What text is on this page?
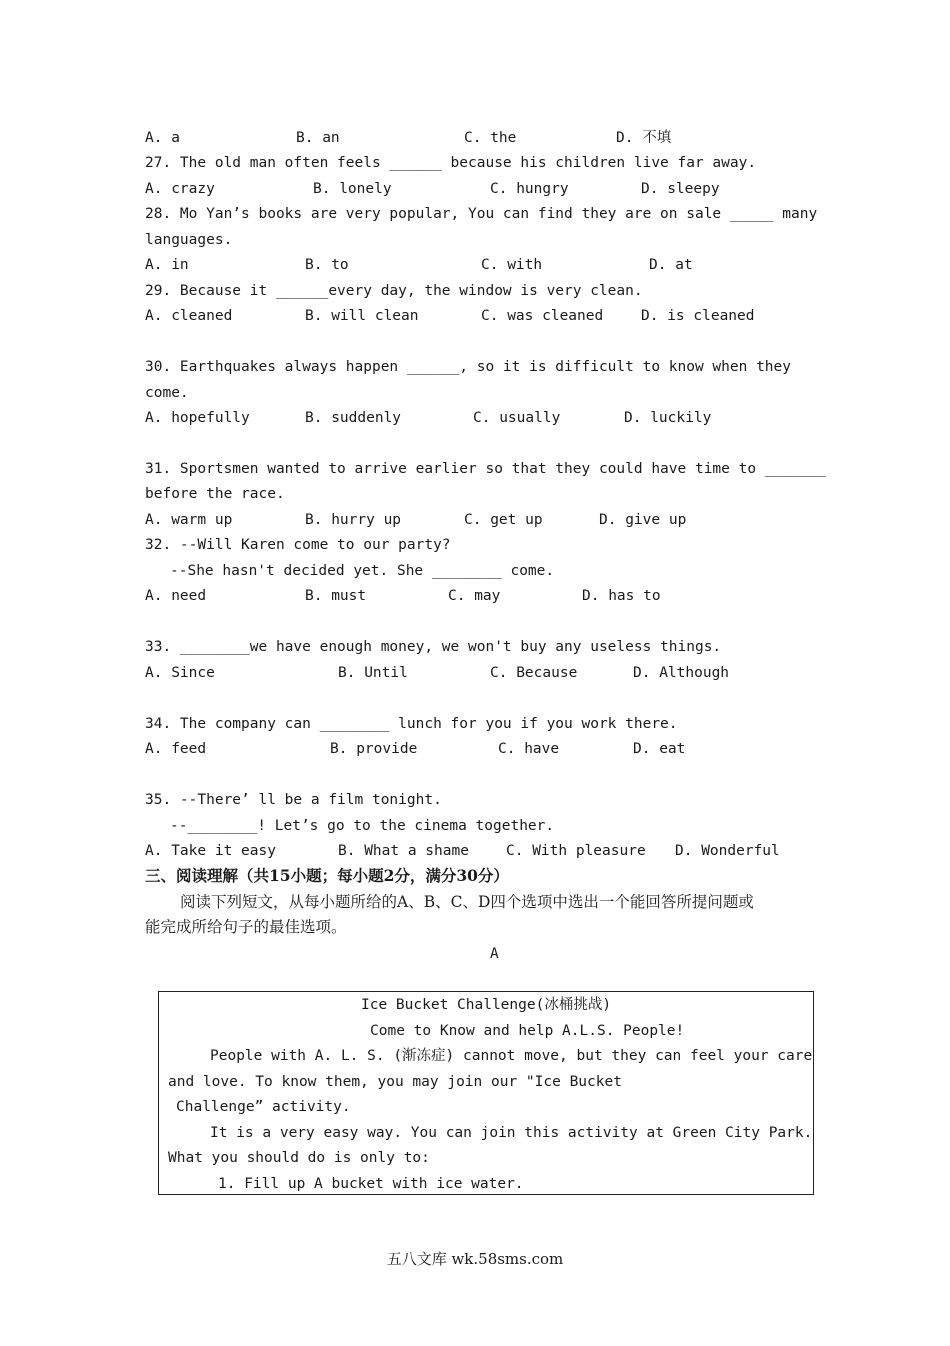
A. a	B. an	C. the	D. 不填
27. The old man often feels ______ because his children live far away.
A. crazy	B. lonely	C. hungry	D. sleepy
28. Mo Yan’s books are very popular, You can find they are on sale _____ many
languages.
A. in	B. to	C. with	D. at
29. Because it ______every day, the window is very clean.
A. cleaned	B. will clean	C. was cleaned	D. is cleaned
30. Earthquakes always happen ______, so it is difficult to know when they
come.
A. hopefully	B. suddenly	C. usually	D. luckily
31. Sportsmen wanted to arrive earlier so that they could have time to _______
before the race.
A. warm up	B. hurry up	C. get up	D. give up
32. --Will Karen come to our party?
--She hasn't decided yet. She ________ come.
A. need	B. must	C. may	D. has to
33. ________we have enough money, we won't buy any useless things.
A. Since	B. Until	C. Because	D. Although
34. The company can ________ lunch for you if you work there.
A. feed	B. provide	C. have	D. eat
35. --There’ ll be a film tonight.
--________! Let’s go to the cinema together.
A. Take it easy	B. What a shame	C. With pleasure D. Wonderful
三、阅读理解（共15小题；每小题2分，满分30分）
阅读下列短文，从每小题所给的A、B、C、D四个选项中选出一个能回答所提问题或
能完成所给句子的最佳选项。
A
Ice Bucket Challenge(冰桶挑战)
Come to Know and help A.L.S. People!
People with A. L. S. (渐冻症) cannot move, but they can feel your care
and love. To know them, you may join our "Ice Bucket
Challenge” activity.
It is a very easy way. You can join this activity at Green City Park.
What you should do is only to:
1. Fill up A bucket with ice water.
五八文库 wk.58sms.com
